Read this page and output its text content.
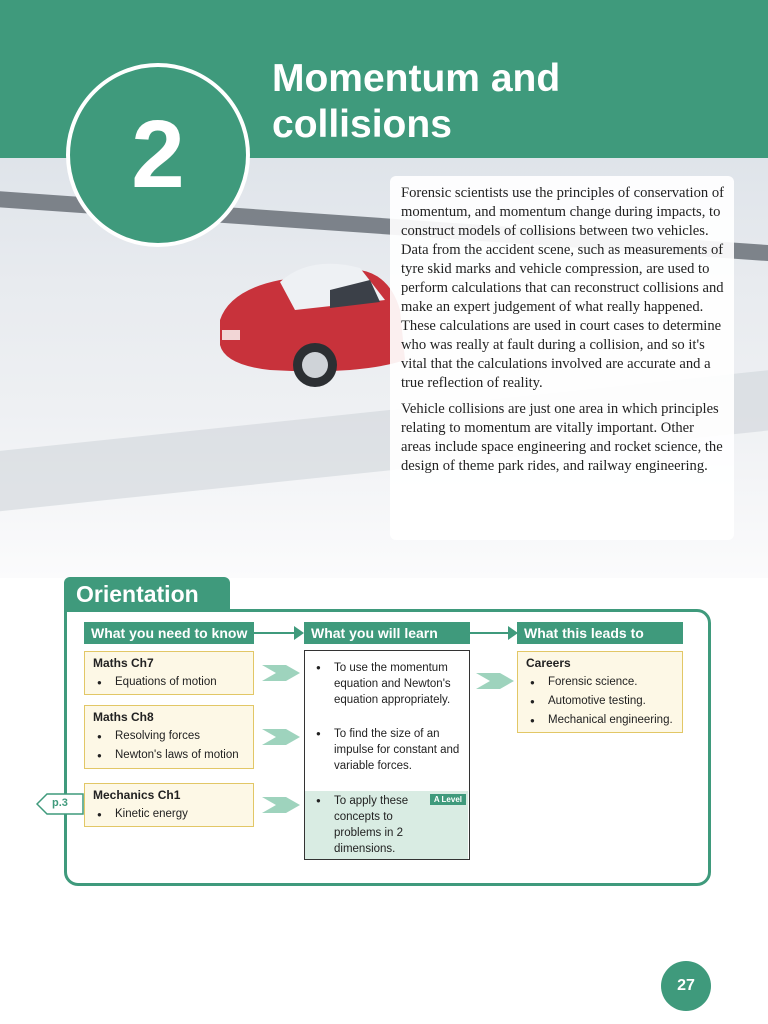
2
Momentum and
collisions

Forensic scientists use the principles of conservation of momentum, and momentum change during impacts, to construct models of collisions between two vehicles. Data from the accident scene, such as measurements of tyre skid marks and vehicle compression, are used to perform calculations that can reconstruct collisions and make an expert judgement of what really happened. These calculations are used in court cases to determine who was really at fault during a collision, and so it's vital that the calculations involved are accurate and a true reflection of reality.

Vehicle collisions are just one area in which principles relating to momentum are vitally important. Other areas include space engineering and rocket science, the design of theme park rides, and railway engineering.

Orientation
What you need to know	What you will learn	What this leads to
Maths Ch7
● Equations of motion
Maths Ch8
● Resolving forces
● Newton's laws of motion
Mechanics Ch1
● Kinetic energy
p.3	A Level
● To use the momentum equation and Newton's equation appropriately.
● To find the size of an impulse for constant and variable forces.
● To apply these concepts to problems in 2 dimensions.
Careers
● Forensic science.
● Automotive testing.
● Mechanical engineering.
27
